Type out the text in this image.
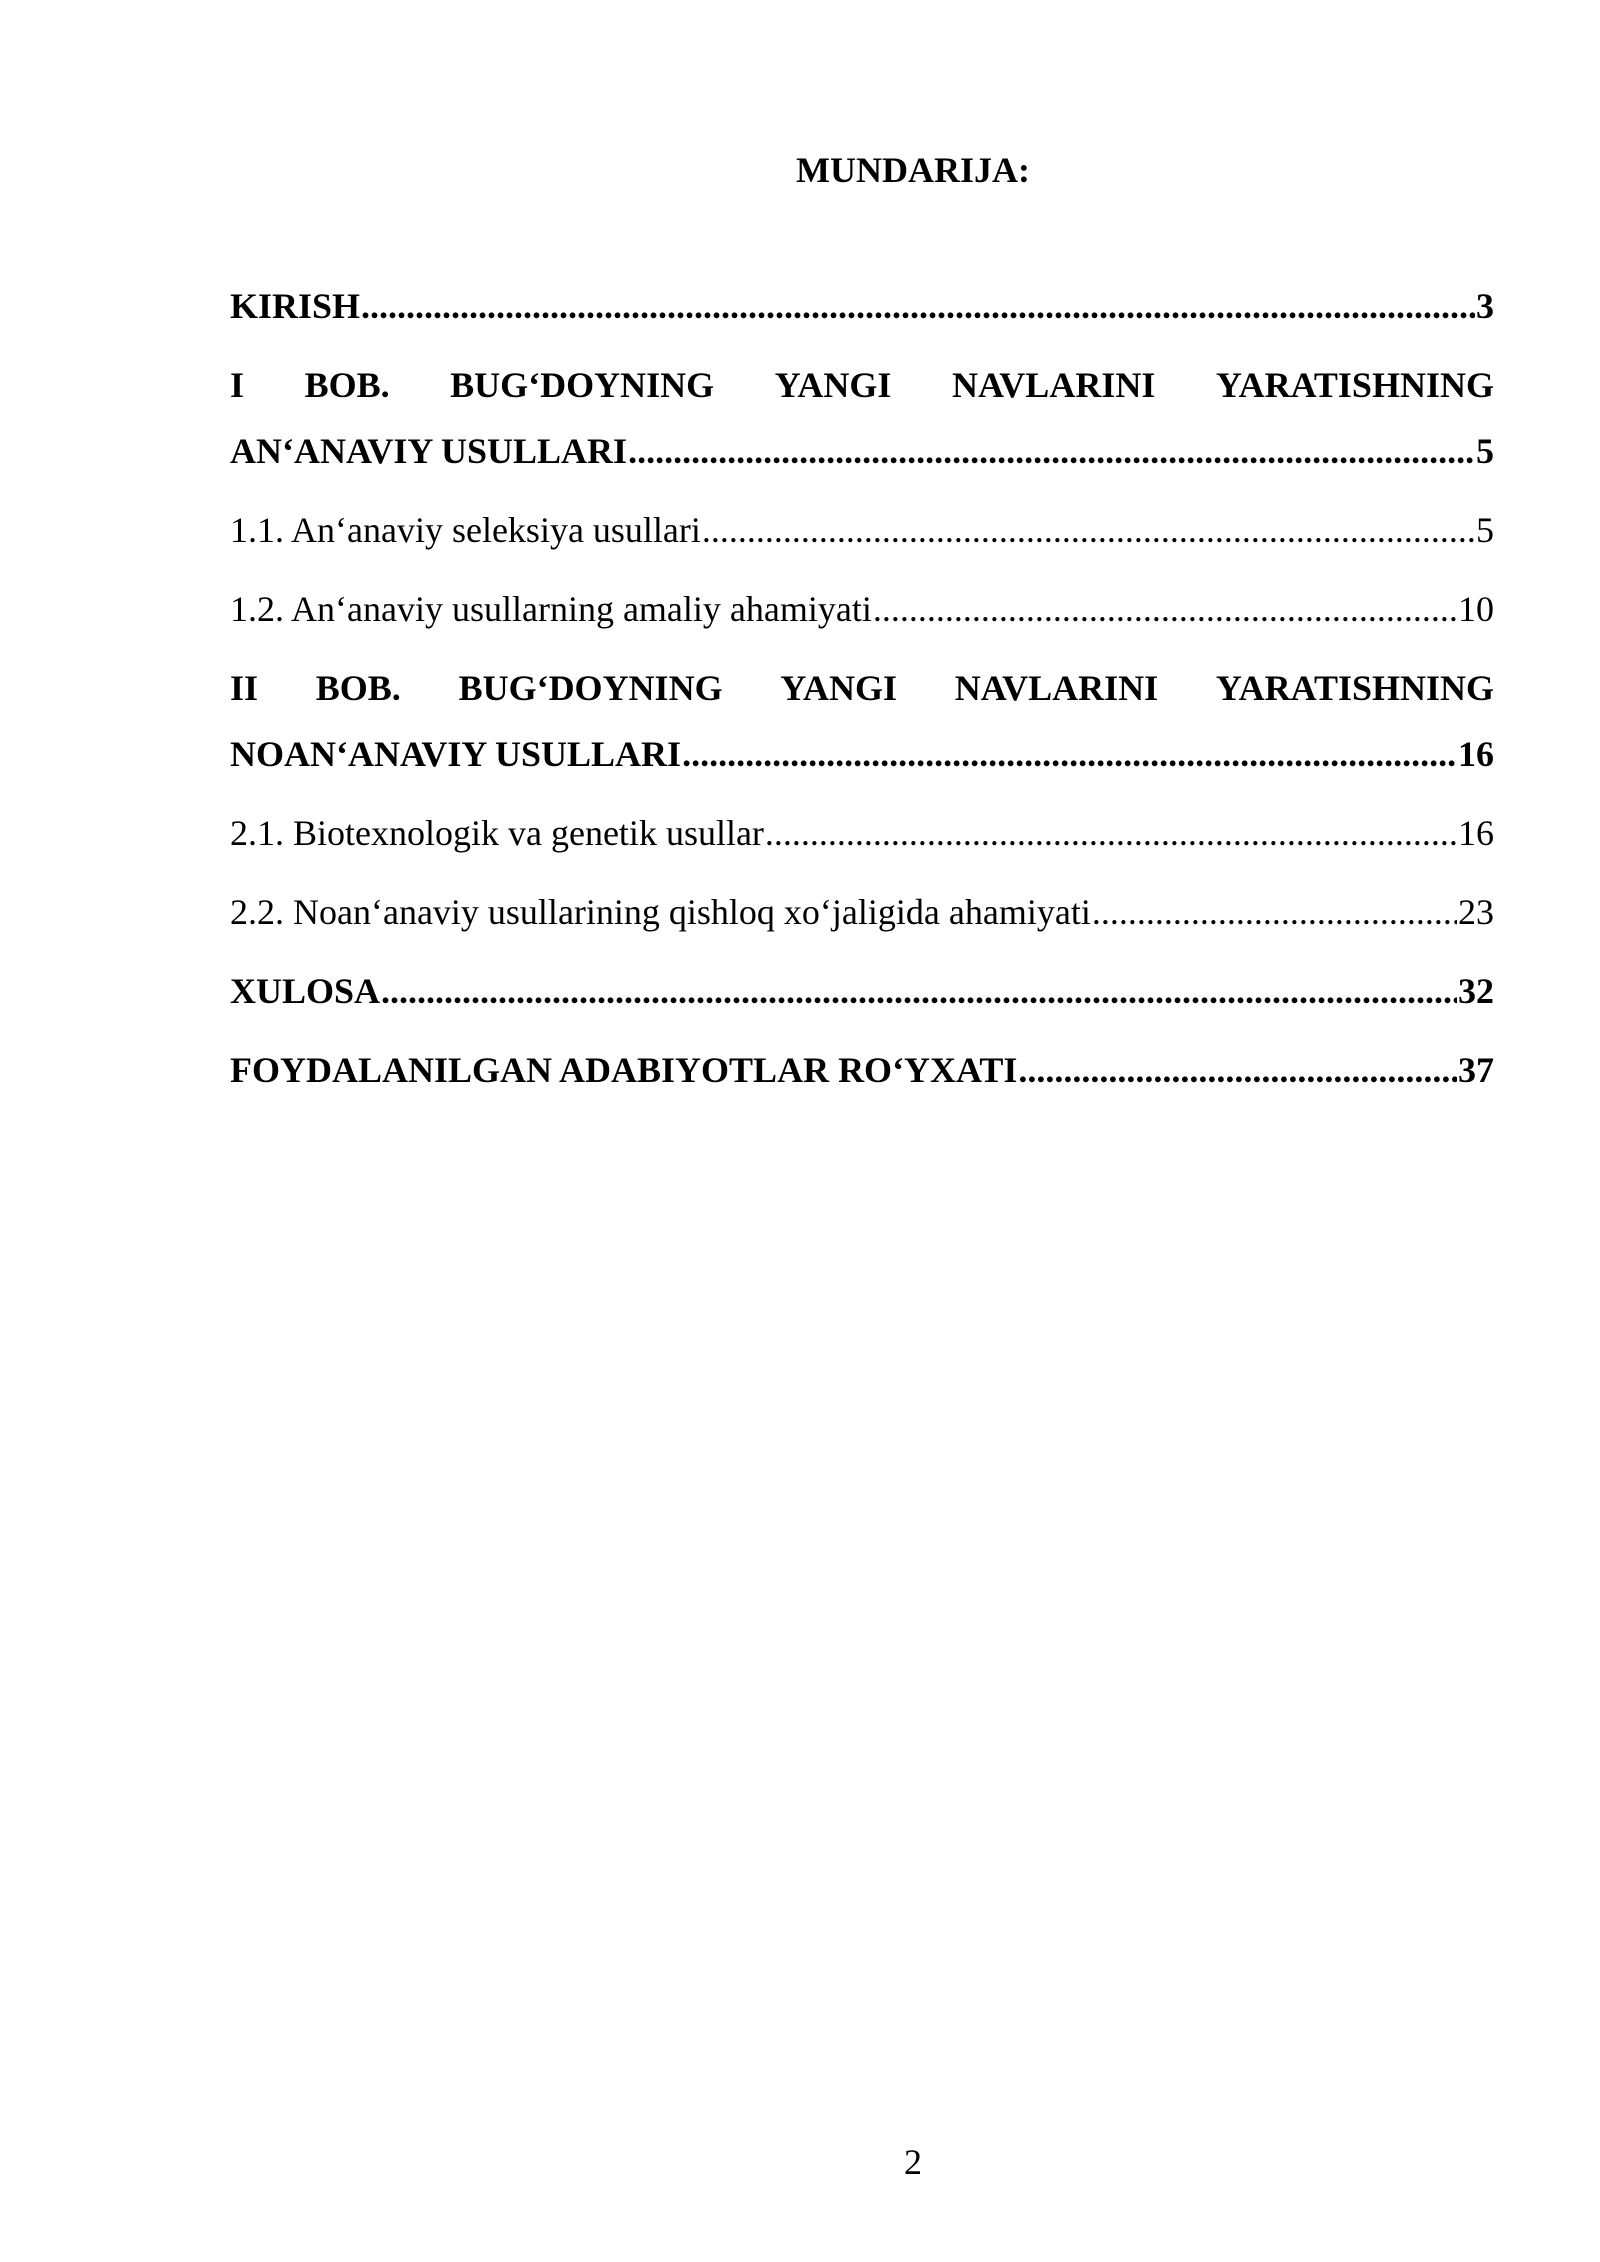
MUNDARIJA:
KIRISH .....	3
I BOB. BUG‘DOYNING YANGI NAVLARINI YARATISHNING
AN‘ANAVIY USULLARI .....	5
1.1. An‘anaviy seleksiya usullari .....	5
1.2. An‘anaviy usullarning amaliy ahamiyati .....	10
II BOB. BUG‘DOYNING YANGI NAVLARINI YARATISHNING
NOAN‘ANAVIY USULLARI .....	16
2.1. Biotexnologik va genetik usullar .....	16
2.2. Noan‘anaviy usullarining qishloq xo‘jaligida ahamiyati .....	23
XULOSA .....	32
FOYDALANILGAN ADABIYOTLAR RO‘YXATI .....	37
2
